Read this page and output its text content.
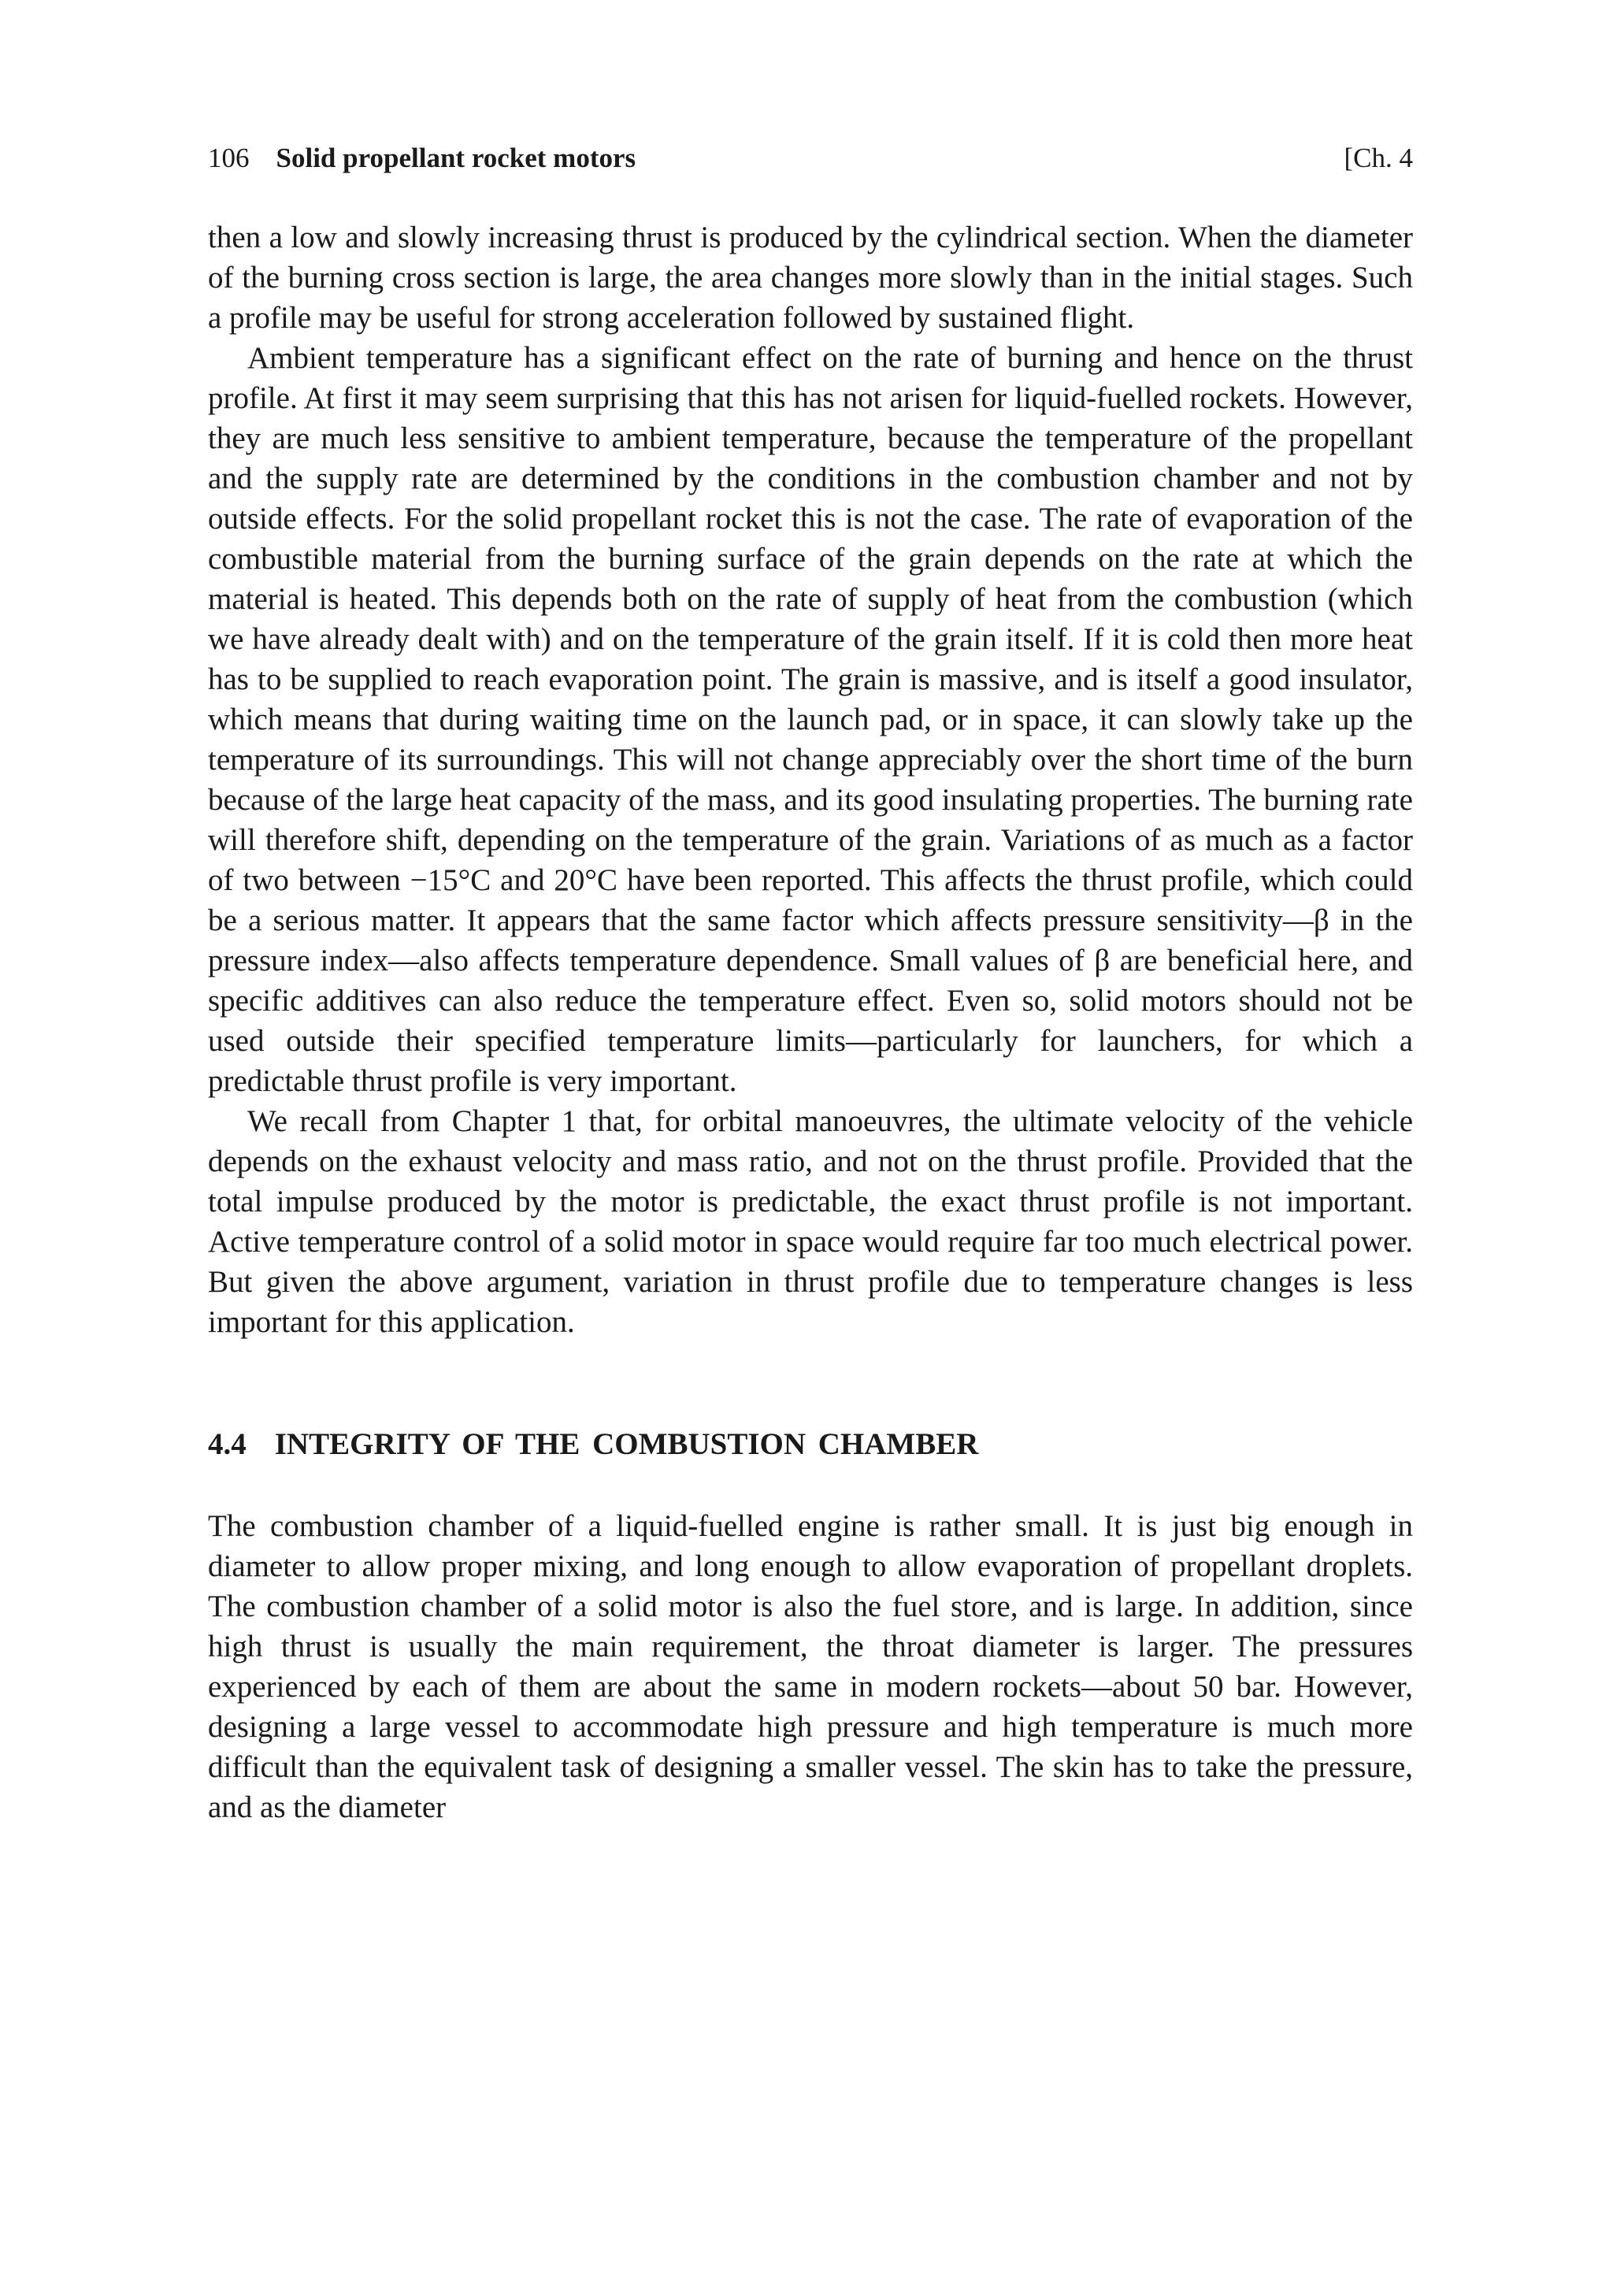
106 Solid propellant rocket motors	[Ch. 4

then a low and slowly increasing thrust is produced by the cylindrical section. When the diameter of the burning cross section is large, the area changes more slowly than in the initial stages. Such a profile may be useful for strong acceleration followed by sustained flight.

Ambient temperature has a significant effect on the rate of burning and hence on the thrust profile. At first it may seem surprising that this has not arisen for liquid-fuelled rockets. However, they are much less sensitive to ambient temperature, because the temperature of the propellant and the supply rate are determined by the conditions in the combustion chamber and not by outside effects. For the solid propellant rocket this is not the case. The rate of evaporation of the combustible material from the burning surface of the grain depends on the rate at which the material is heated. This depends both on the rate of supply of heat from the combustion (which we have already dealt with) and on the temperature of the grain itself. If it is cold then more heat has to be supplied to reach evaporation point. The grain is massive, and is itself a good insulator, which means that during waiting time on the launch pad, or in space, it can slowly take up the temperature of its surroundings. This will not change appreciably over the short time of the burn because of the large heat capacity of the mass, and its good insulating properties. The burning rate will therefore shift, depending on the temperature of the grain. Variations of as much as a factor of two between −15°C and 20°C have been reported. This affects the thrust profile, which could be a serious matter. It appears that the same factor which affects pressure sensitivity—β in the pressure index—also affects temperature dependence. Small values of β are beneficial here, and specific additives can also reduce the temperature effect. Even so, solid motors should not be used outside their specified temperature limits—particularly for launchers, for which a predictable thrust profile is very important.

We recall from Chapter 1 that, for orbital manoeuvres, the ultimate velocity of the vehicle depends on the exhaust velocity and mass ratio, and not on the thrust profile. Provided that the total impulse produced by the motor is predictable, the exact thrust profile is not important. Active temperature control of a solid motor in space would require far too much electrical power. But given the above argument, variation in thrust profile due to temperature changes is less important for this application.

4.4 INTEGRITY OF THE COMBUSTION CHAMBER

The combustion chamber of a liquid-fuelled engine is rather small. It is just big enough in diameter to allow proper mixing, and long enough to allow evaporation of propellant droplets. The combustion chamber of a solid motor is also the fuel store, and is large. In addition, since high thrust is usually the main requirement, the throat diameter is larger. The pressures experienced by each of them are about the same in modern rockets—about 50 bar. However, designing a large vessel to accommodate high pressure and high temperature is much more difficult than the equivalent task of designing a smaller vessel. The skin has to take the pressure, and as the diameter
